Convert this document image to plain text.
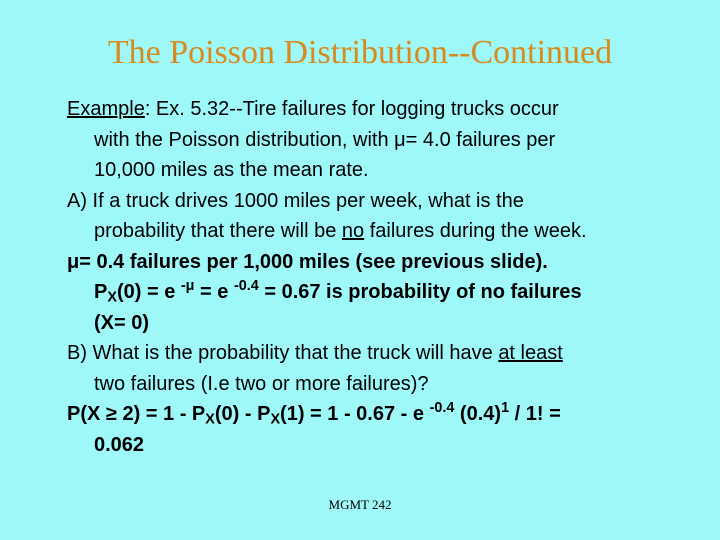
The Poisson Distribution--Continued
Example: Ex. 5.32--Tire failures for logging trucks occur
with the Poisson distribution, with μ= 4.0 failures per
10,000 miles as the mean rate.
A) If a truck drives 1000 miles per week, what is the
probability that there will be no failures during the week.
μ= 0.4 failures per 1,000 miles (see previous slide).
$P_X(0) = e$ $^{-\mu}$ = e $^{-0.4}$ = 0.67 is probability of no failures
(X= 0)
B) What is the probability that the truck will have at least
two failures (I.e two or more failures)?
$P(X \ge 2) = 1 - P_X(0) - P_X(1) = 1 - 0.67 - e$ $^{-0.4}$ $(0.4)^1 / 1$! =
0.062
MGMT 242
